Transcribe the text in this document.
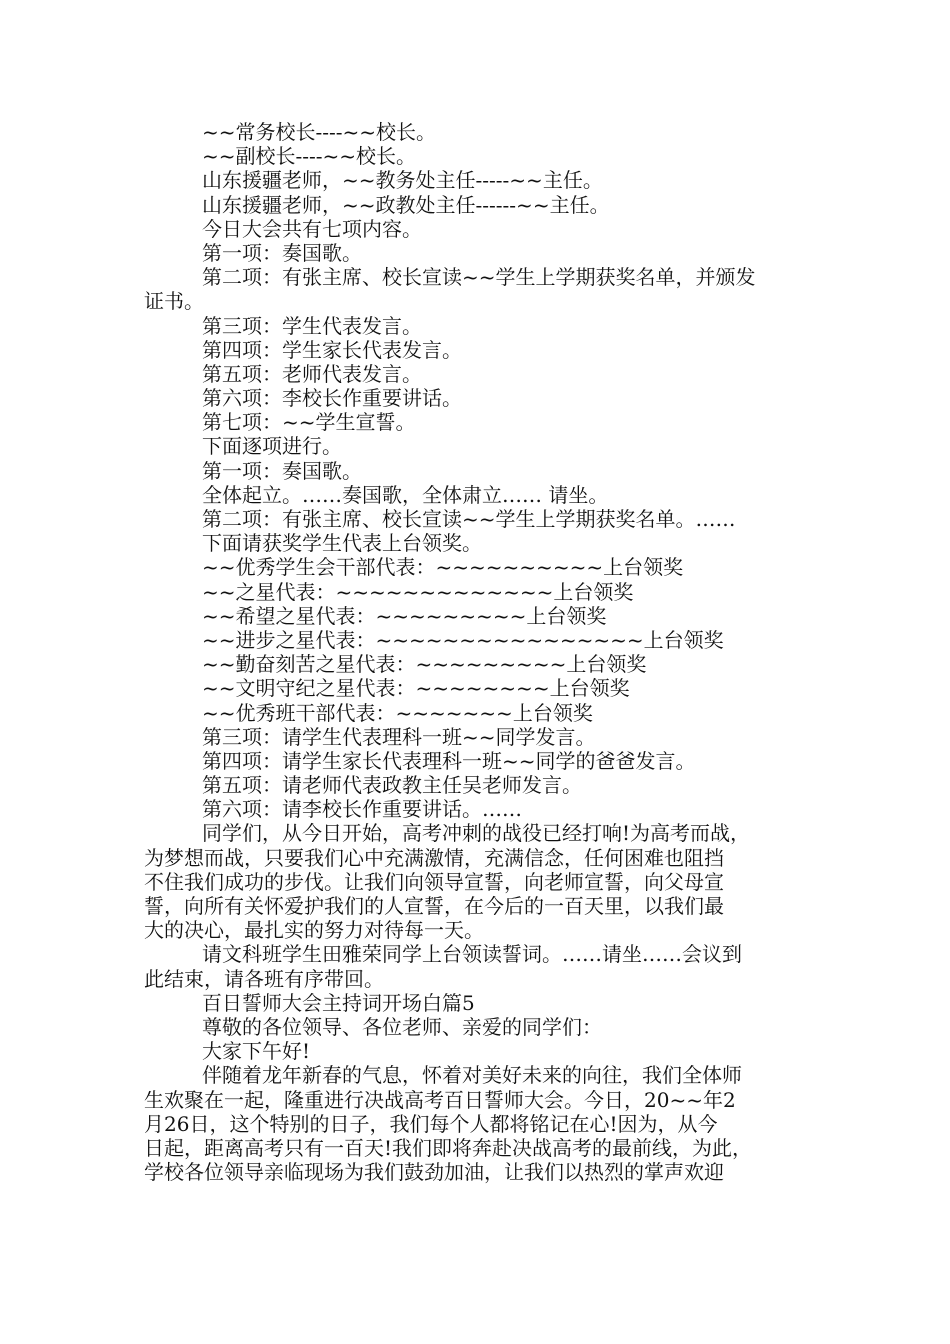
~~常务校长----~~校长。
~~副校长----~~校长。
山东援疆老师，~~教务处主任-----~~主任。
山东援疆老师，~~政教处主任------~~主任。
今日大会共有七项内容。
第一项：奏国歌。
第二项：有张主席、校长宣读~~学生上学期获奖名单，并颁发
证书。
第三项：学生代表发言。
第四项：学生家长代表发言。
第五项：老师代表发言。
第六项：李校长作重要讲话。
第七项：~~学生宣誓。
下面逐项进行。
第一项：奏国歌。
全体起立。……奏国歌，全体肃立…… 请坐。
第二项：有张主席、校长宣读~~学生上学期获奖名单。……
下面请获奖学生代表上台领奖。
~~优秀学生会干部代表：~~~~~~~~~~上台领奖
~~之星代表：~~~~~~~~~~~~~上台领奖
~~希望之星代表：~~~~~~~~~上台领奖
~~进步之星代表：~~~~~~~~~~~~~~~~上台领奖
~~勤奋刻苦之星代表：~~~~~~~~~上台领奖
~~文明守纪之星代表：~~~~~~~~上台领奖
~~优秀班干部代表：~~~~~~~上台领奖
第三项：请学生代表理科一班~~同学发言。
第四项：请学生家长代表理科一班~~同学的爸爸发言。
第五项：请老师代表政教主任吴老师发言。
第六项：请李校长作重要讲话。……
同学们，从今日开始，高考冲刺的战役已经打响!为高考而战，
为梦想而战，只要我们心中充满激情，充满信念，任何困难也阻挡
不住我们成功的步伐。让我们向领导宣誓，向老师宣誓，向父母宣
誓，向所有关怀爱护我们的人宣誓，在今后的一百天里，以我们最
大的决心，最扎实的努力对待每一天。
请文科班学生田雅荣同学上台领读誓词。……请坐……会议到
此结束，请各班有序带回。
百日誓师大会主持词开场白篇5
尊敬的各位领导、各位老师、亲爱的同学们：
大家下午好!
伴随着龙年新春的气息，怀着对美好未来的向往，我们全体师
生欢聚在一起，隆重进行决战高考百日誓师大会。今日，20~~年2
月26日，这个特别的日子，我们每个人都将铭记在心!因为，从今
日起，距离高考只有一百天!我们即将奔赴决战高考的最前线，为此，
学校各位领导亲临现场为我们鼓劲加油，让我们以热烈的掌声欢迎
